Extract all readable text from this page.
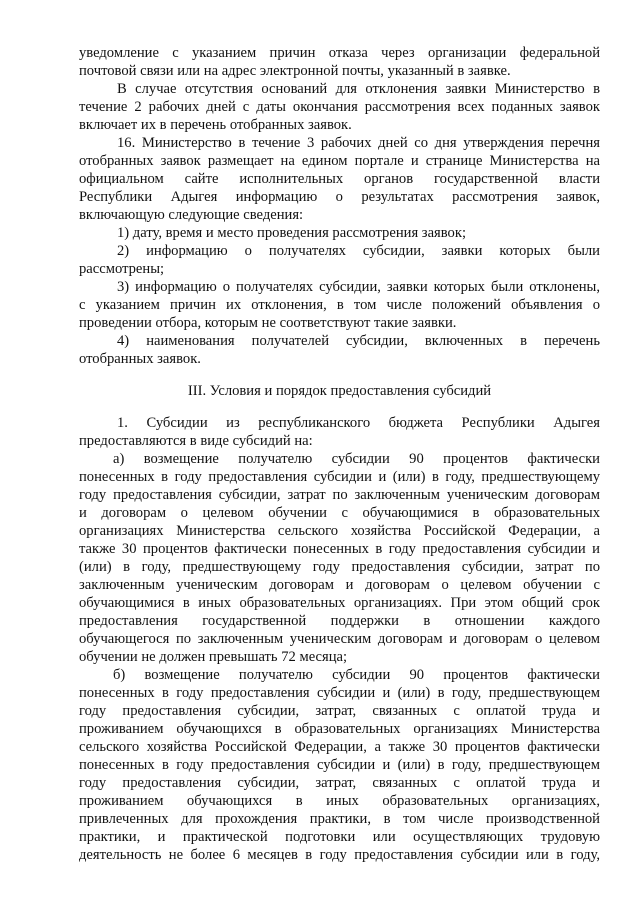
уведомление с указанием причин отказа через организации федеральной
почтовой связи или на адрес электронной почты, указанный в заявке.
В случае отсутствия оснований для отклонения заявки Министерство в
течение 2 рабочих дней с даты окончания рассмотрения всех поданных заявок
включает их в перечень отобранных заявок.
16. Министерство в течение 3 рабочих дней со дня утверждения перечня
отобранных заявок размещает на едином портале и странице Министерства на
официальном сайте исполнительных органов государственной власти
Республики Адыгея информацию о результатах рассмотрения заявок,
включающую следующие сведения:
1) дату, время и место проведения рассмотрения заявок;
2) информацию о получателях субсидии, заявки которых были
рассмотрены;
3) информацию о получателях субсидии, заявки которых были отклонены,
с указанием причин их отклонения, в том числе положений объявления о
проведении отбора, которым не соответствуют такие заявки.
4) наименования получателей субсидии, включенных в перечень
отобранных заявок.
III. Условия и порядок предоставления субсидий
1. Субсидии из республиканского бюджета Республики Адыгея
предоставляются в виде субсидий на:
а) возмещение получателю субсидии 90 процентов фактически
понесенных в году предоставления субсидии и (или) в году, предшествующему
году предоставления субсидии, затрат по заключенным ученическим договорам
и договорам о целевом обучении с обучающимися в образовательных
организациях Министерства сельского хозяйства Российской Федерации, а
также 30 процентов фактически понесенных в году предоставления субсидии и
(или) в году, предшествующему году предоставления субсидии, затрат по
заключенным ученическим договорам и договорам о целевом обучении с
обучающимися в иных образовательных организациях. При этом общий срок
предоставления государственной поддержки в отношении каждого
обучающегося по заключенным ученическим договорам и договорам о целевом
обучении не должен превышать 72 месяца;
б) возмещение получателю субсидии 90 процентов фактически
понесенных в году предоставления субсидии и (или) в году, предшествующем
году предоставления субсидии, затрат, связанных с оплатой труда и
проживанием обучающихся в образовательных организациях Министерства
сельского хозяйства Российской Федерации, а также 30 процентов фактически
понесенных в году предоставления субсидии и (или) в году, предшествующем
году предоставления субсидии, затрат, связанных с оплатой труда и
проживанием обучающихся в иных образовательных организациях,
привлеченных для прохождения практики, в том числе производственной
практики, и практической подготовки или осуществляющих трудовую
деятельность не более 6 месяцев в году предоставления субсидии или в году,
